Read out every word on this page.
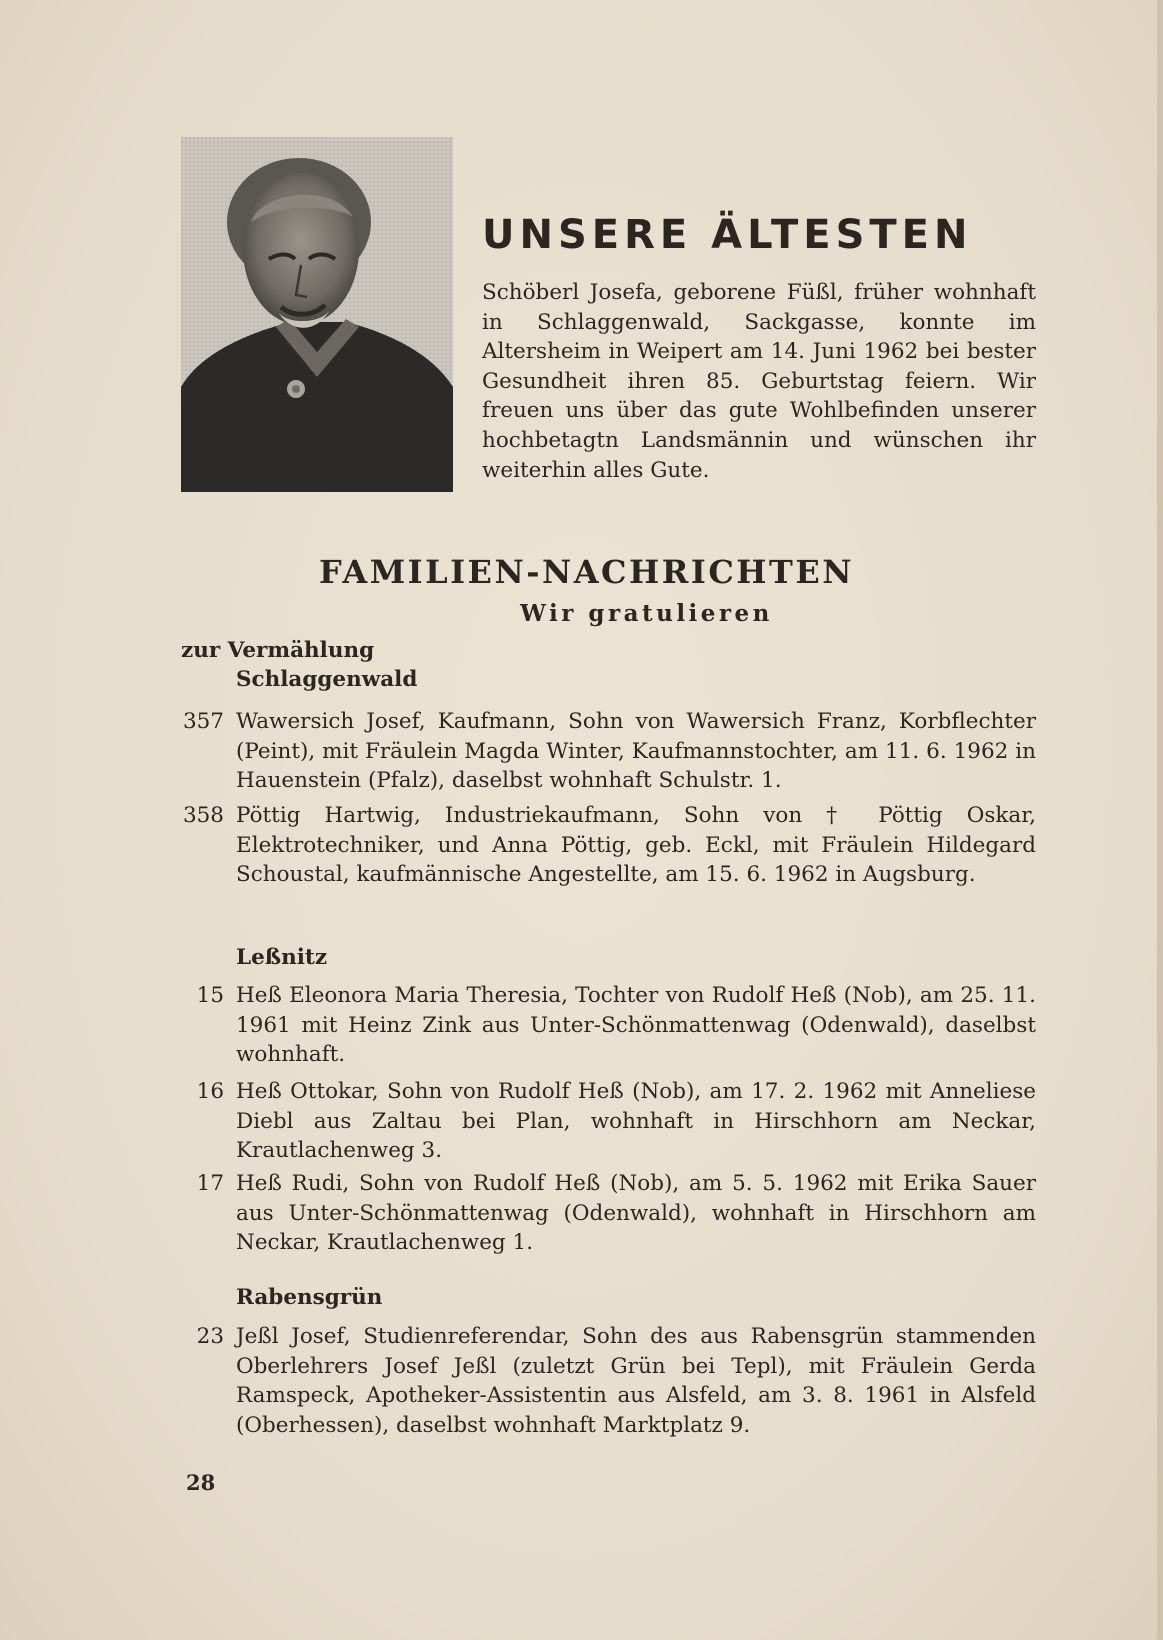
UNSERE ÄLTESTEN

Schöberl Josefa, geborene Füßl, früher wohnhaft in Schlaggenwald, Sackgasse, konnte im Altersheim in Weipert am 14. Juni 1962 bei bester Gesundheit ihren 85. Geburtstag feiern. Wir freuen uns über das gute Wohlbefinden unserer hochbetagtn Landsmännin und wünschen ihr weiterhin alles Gute.

FAMILIEN-NACHRICHTEN
Wir gratulieren

zur Vermählung

Schlaggenwald

357 Wawersich Josef, Kaufmann, Sohn von Wawersich Franz, Korbflechter (Peint), mit Fräulein Magda Winter, Kaufmannstochter, am 11. 6. 1962 in Hauenstein (Pfalz), daselbst wohnhaft Schulstr. 1.

358 Pöttig Hartwig, Industriekaufmann, Sohn von † Pöttig Oskar, Elektrotechniker, und Anna Pöttig, geb. Eckl, mit Fräulein Hildegard Schoustal, kaufmännische Angestellte, am 15. 6. 1962 in Augsburg.

Leßnitz

15 Heß Eleonora Maria Theresia, Tochter von Rudolf Heß (Nob), am 25. 11. 1961 mit Heinz Zink aus Unter-Schönmattenwag (Odenwald), daselbst wohnhaft.

16 Heß Ottokar, Sohn von Rudolf Heß (Nob), am 17. 2. 1962 mit Anneliese Diebl aus Zaltau bei Plan, wohnhaft in Hirschhorn am Neckar, Krautlachenweg 3.

17 Heß Rudi, Sohn von Rudolf Heß (Nob), am 5. 5. 1962 mit Erika Sauer aus Unter-Schönmattenwag (Odenwald), wohnhaft in Hirschhorn am Neckar, Krautlachenweg 1.

Rabensgrün

23 Jeßl Josef, Studienreferendar, Sohn des aus Rabensgrün stammenden Oberlehrers Josef Jeßl (zuletzt Grün bei Tepl), mit Fräulein Gerda Ramspeck, Apotheker-Assistentin aus Alsfeld, am 3. 8. 1961 in Alsfeld (Oberhessen), daselbst wohnhaft Marktplatz 9.

28
